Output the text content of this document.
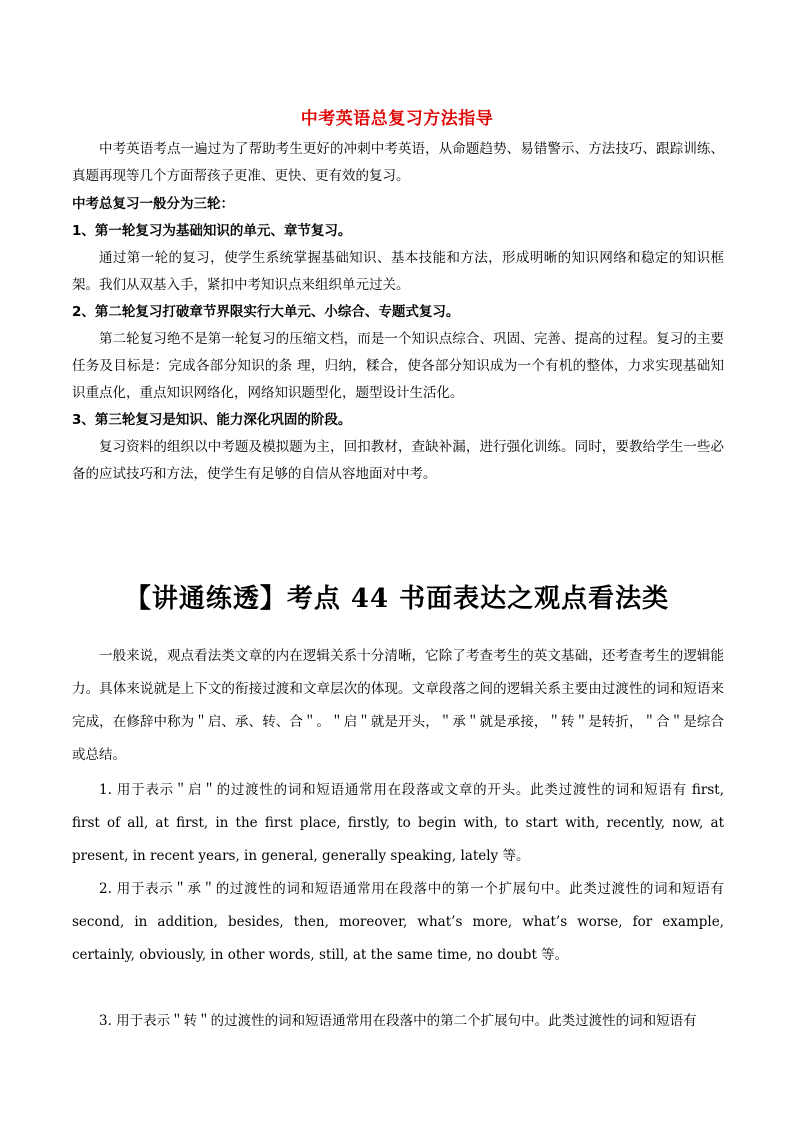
中考英语总复习方法指导
中考英语考点一遍过为了帮助考生更好的冲刺中考英语，从命题趋势、易错警示、方法技巧、跟踪训练、真题再现等几个方面帮孩子更准、更快、更有效的复习。
中考总复习一般分为三轮：
1、第一轮复习为基础知识的单元、章节复习。
通过第一轮的复习，使学生系统掌握基础知识、基本技能和方法，形成明晰的知识网络和稳定的知识框架。我们从双基入手，紧扣中考知识点来组织单元过关。
2、第二轮复习打破章节界限实行大单元、小综合、专题式复习。
第二轮复习绝不是第一轮复习的压缩文档，而是一个知识点综合、巩固、完善、提高的过程。复习的主要任务及目标是：完成各部分知识的条 理，归纳，糅合，使各部分知识成为一个有机的整体，力求实现基础知识重点化，重点知识网络化，网络知识题型化，题型设计生活化。
3、第三轮复习是知识、能力深化巩固的阶段。
复习资料的组织以中考题及模拟题为主，回扣教材，查缺补漏，进行强化训练。同时，要教给学生一些必备的应试技巧和方法，使学生有足够的自信从容地面对中考。
【讲通练透】考点 44 书面表达之观点看法类
一般来说，观点看法类文章的内在逻辑关系十分清晰，它除了考查考生的英文基础，还考查考生的逻辑能力。具体来说就是上下文的衔接过渡和文章层次的体现。文章段落之间的逻辑关系主要由过渡性的词和短语来完成，在修辞中称为＂启、承、转、合＂。＂启＂就是开头，＂承＂就是承接，＂转＂是转折，＂合＂是综合或总结。
1. 用于表示＂启＂的过渡性的词和短语通常用在段落或文章的开头。此类过渡性的词和短语有 first, first of all, at first, in the first place, firstly, to begin with, to start with, recently, now, at present, in recent years, in general, generally speaking, lately 等。
2. 用于表示＂承＂的过渡性的词和短语通常用在段落中的第一个扩展句中。此类过渡性的词和短语有 second, in addition, besides, then, moreover, what’s more, what’s worse, for example, certainly, obviously, in other words, still, at the same time, no doubt 等。
3. 用于表示＂转＂的过渡性的词和短语通常用在段落中的第二个扩展句中。此类过渡性的词和短语有
